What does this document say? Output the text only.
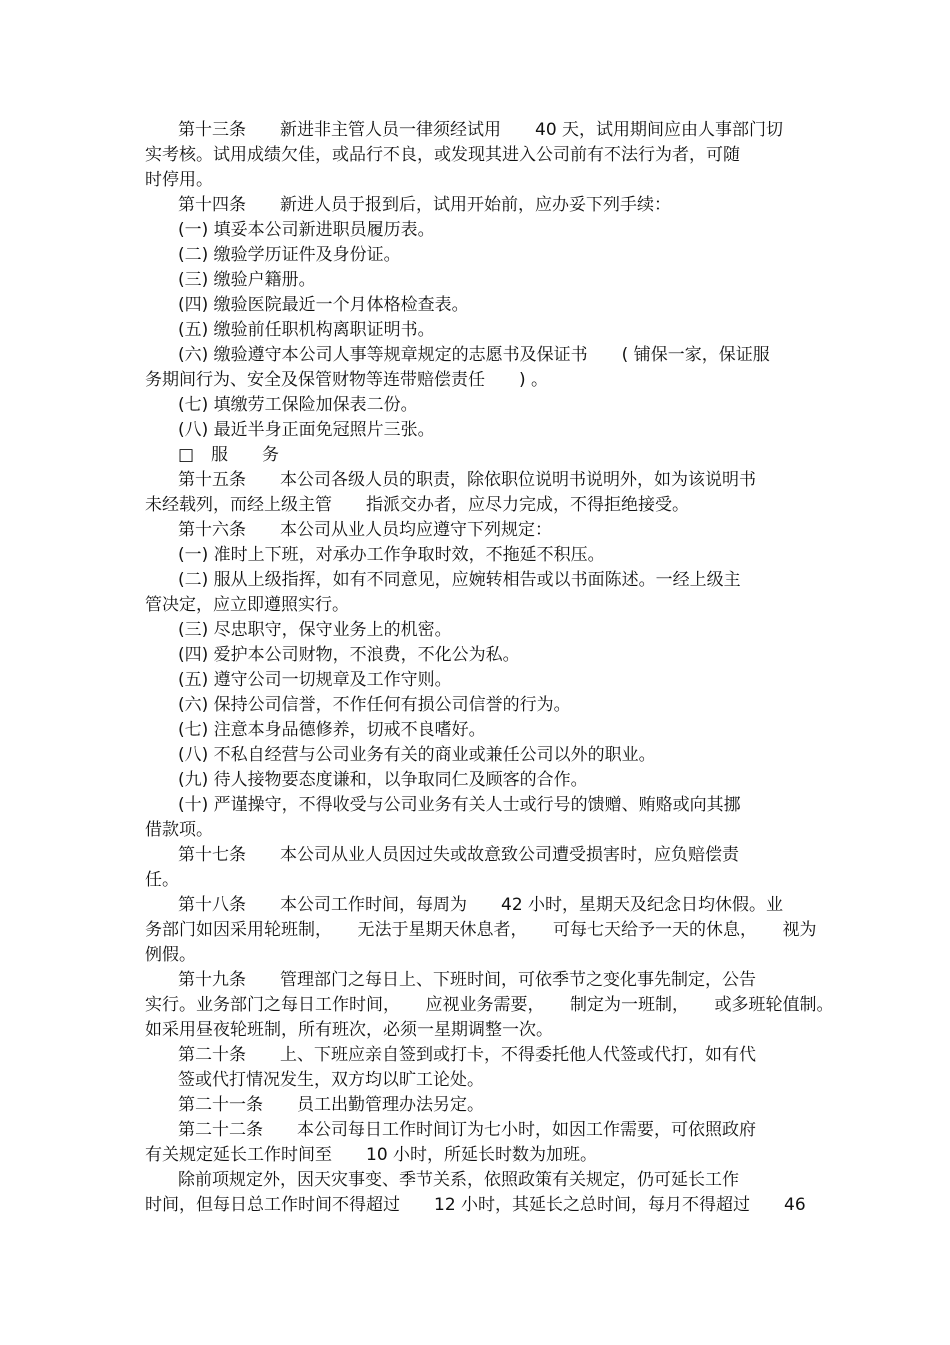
第十三条　　新进非主管人员一律须经试用　　40 天，试用期间应由人事部门切
实考核。试用成绩欠佳，或品行不良，或发现其进入公司前有不法行为者，可随
时停用。
第十四条　　新进人员于报到后，试用开始前，应办妥下列手续：
(一) 填妥本公司新进职员履历表。
(二) 缴验学历证件及身份证。
(三) 缴验户籍册。
(四) 缴验医院最近一个月体格检查表。
(五) 缴验前任职机构离职证明书。
(六) 缴验遵守本公司人事等规章规定的志愿书及保证书　　( 铺保一家，保证服
务期间行为、安全及保管财物等连带赔偿责任　　) 。
(七) 填缴劳工保险加保表二份。
(八) 最近半身正面免冠照片三张。
□　服　　务
第十五条　　本公司各级人员的职责，除依职位说明书说明外，如为该说明书
未经载列，而经上级主管　　指派交办者，应尽力完成，不得拒绝接受。
第十六条　　本公司从业人员均应遵守下列规定：
(一) 准时上下班，对承办工作争取时效，不拖延不积压。
(二) 服从上级指挥，如有不同意见，应婉转相告或以书面陈述。一经上级主
管决定，应立即遵照实行。
(三) 尽忠职守，保守业务上的机密。
(四) 爱护本公司财物，不浪费，不化公为私。
(五) 遵守公司一切规章及工作守则。
(六) 保持公司信誉，不作任何有损公司信誉的行为。
(七) 注意本身品德修养，切戒不良嗜好。
(八) 不私自经营与公司业务有关的商业或兼任公司以外的职业。
(九) 待人接物要态度谦和，以争取同仁及顾客的合作。
(十) 严谨操守，不得收受与公司业务有关人士或行号的馈赠、贿赂或向其挪
借款项。
第十七条　　本公司从业人员因过失或故意致公司遭受损害时，应负赔偿责
任。
第十八条　　本公司工作时间，每周为　　42 小时，星期天及纪念日均休假。业
务部门如因采用轮班制，　　无法于星期天休息者，　　可每七天给予一天的休息，　　视为
例假。
第十九条　　管理部门之每日上、下班时间，可依季节之变化事先制定，公告
实行。业务部门之每日工作时间，　　应视业务需要，　　制定为一班制，　　或多班轮值制。
如采用昼夜轮班制，所有班次，必须一星期调整一次。
第二十条　　上、下班应亲自签到或打卡，不得委托他人代签或代打，如有代
签或代打情况发生，双方均以旷工论处。
第二十一条　　员工出勤管理办法另定。
第二十二条　　本公司每日工作时间订为七小时，如因工作需要，可依照政府
有关规定延长工作时间至　　10 小时，所延长时数为加班。
除前项规定外，因天灾事变、季节关系，依照政策有关规定，仍可延长工作
时间，但每日总工作时间不得超过　　12 小时，其延长之总时间，每月不得超过　　46
